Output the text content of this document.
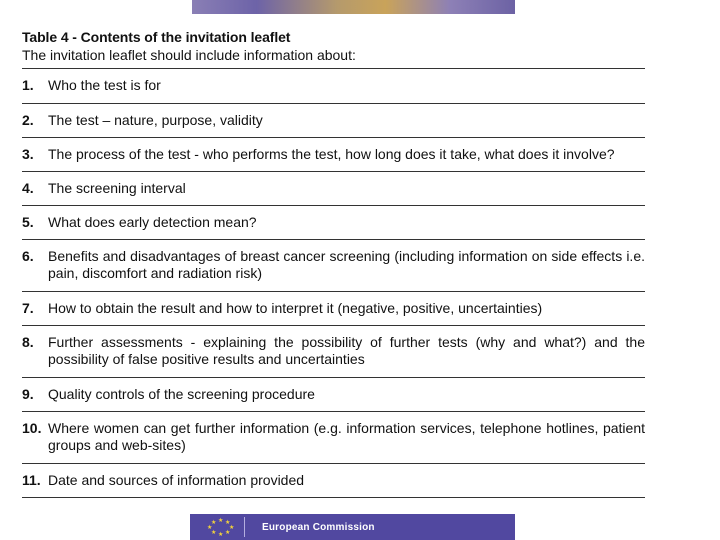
Table 4 - Contents of the invitation leaflet

The invitation leaflet should include information about:

1.	Who the test is for
2.	The test – nature, purpose, validity
3.	The process of the test - who performs the test, how long does it take, what does it involve?
4.	The screening interval
5.	What does early detection mean?
6.	Benefits and disadvantages of breast cancer screening (including information on side effects i.e. pain, discomfort and radiation risk)
7.	How to obtain the result and how to interpret it (negative, positive, uncertainties)
8.	Further assessments - explaining the possibility of further tests (why and what?) and the possibility of false positive results and uncertainties
9.	Quality controls of the screening procedure
10. Where women can get further information (e.g. information services, telephone hotlines, patient groups and web-sites)
11. Date and sources of information provided
★ ★
★
★
★
★
★
★	European Commission
